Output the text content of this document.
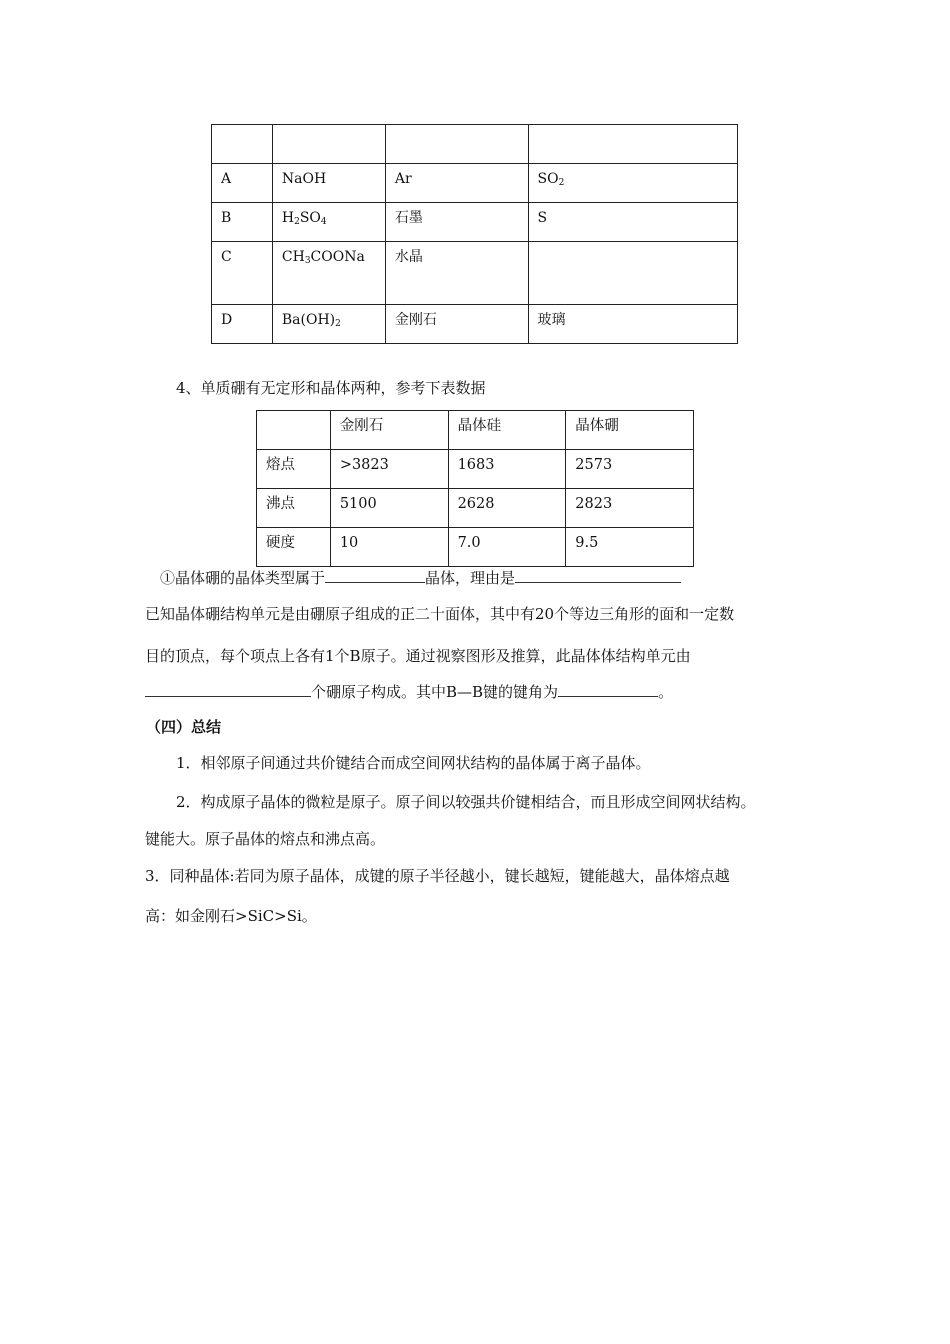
A	NaOH	Ar	$SO_2$
B	$H_2SO_4$	石墨	S
C	$CH_3COONa$	水晶	
D	$Ba(OH)_2$	金刚石	玻璃
4、单质硼有无定形和晶体两种，参考下表数据
	金刚石	晶体硅	晶体硼
熔点	>3823	1683	2573
沸点	5100	2628	2823
硬度	10	7.0	9.5
①晶体硼的晶体类型属于	晶体，理由是
已知晶体硼结构单元是由硼原子组成的正二十面体，其中有20个等边三角形的面和一定数
目的顶点，每个项点上各有1个B原子。通过视察图形及推算，此晶体体结构单元由
个硼原子构成。其中B—B键的键角为	。
（四）总结
1．相邻原子间通过共价键结合而成空间网状结构的晶体属于离子晶体。
2．构成原子晶体的微粒是原子。原子间以较强共价键相结合，而且形成空间网状结构。
键能大。原子晶体的熔点和沸点高。
3．同种晶体:若同为原子晶体，成键的原子半径越小，键长越短，键能越大，晶体熔点越
高：如金刚石>SiC>Si。
